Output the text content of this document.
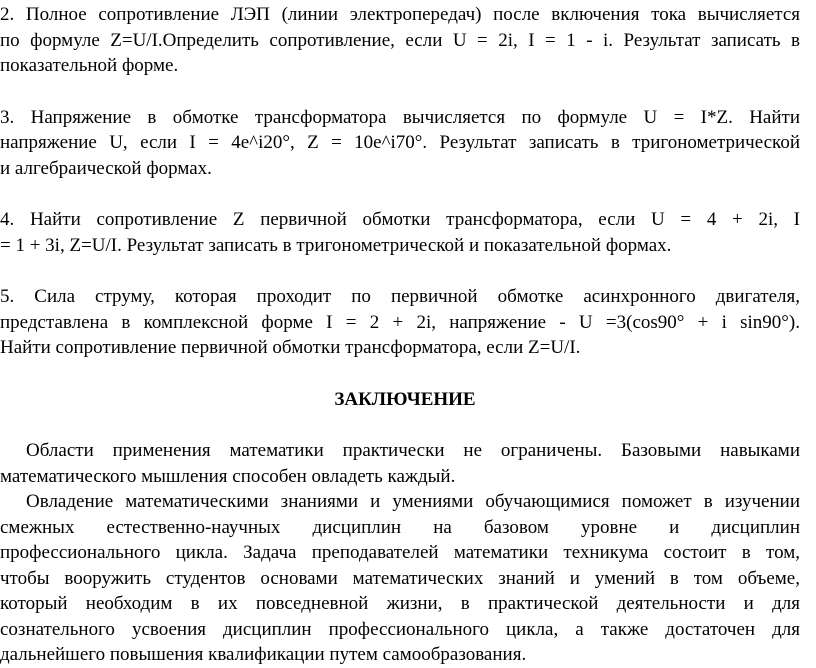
2. Полное сопротивление ЛЭП (линии электропередач) после включения тока вычисляется
по формуле Z=U/I.Определить сопротивление, если U = 2i, I = 1 - i. Результат записать в
показательной форме.
3. Напряжение в обмотке трансформатора вычисляется по формуле U = I*Z. Найти
напряжение U, если I = 4e^i20°, Z = 10e^i70°. Результат записать в тригонометрической
и алгебраической формах.
4. Найти сопротивление Z первичной обмотки трансформатора, если U = 4 + 2i, I
= 1 + 3i, Z=U/I. Результат записать в тригонометрической и показательной формах.
5. Сила струму, которая проходит по первичной обмотке асинхронного двигателя,
представлена в комплексной форме I = 2 + 2i, напряжение - U =3(cos90° + i sin90°).
Найти сопротивление первичной обмотки трансформатора, если Z=U/I.
ЗАКЛЮЧЕНИЕ
Области применения математики практически не ограничены. Базовыми навыками
математического мышления способен овладеть каждый.
Овладение математическими знаниями и умениями обучающимися поможет в изучении
смежных естественно-научных дисциплин на базовом уровне и дисциплин
профессионального цикла. Задача преподавателей математики техникума состоит в том,
чтобы вооружить студентов основами математических знаний и умений в том объеме,
который необходим в их повседневной жизни, в практической деятельности и для
сознательного усвоения дисциплин профессионального цикла, а также достаточен для
дальнейшего повышения квалификации путем самообразования.
